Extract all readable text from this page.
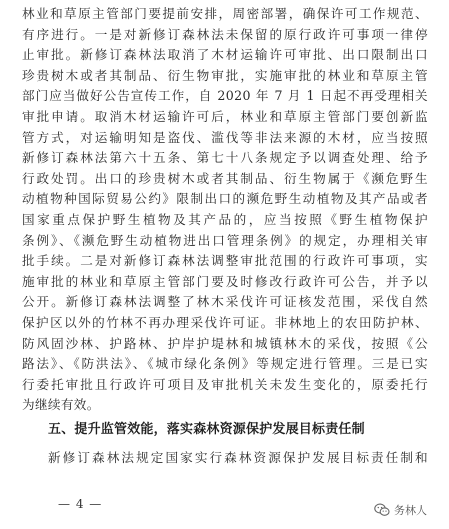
林业和草原主管部门要提前安排，周密部署，确保许可工作规范、
有序进行。一是对新修订森林法未保留的原行政许可事项一律停
止审批。新修订森林法取消了木材运输许可审批、出口限制出口
珍贵树木或者其制品、衍生物审批，实施审批的林业和草原主管
部门应当做好公告宣传工作，自 2020 年 7 月 1 日起不再受理相关
审批申请。取消木材运输许可后，林业和草原主管部门要创新监
管方式，对运输明知是盗伐、滥伐等非法来源的木材，应当按照
新修订森林法第六十五条、第七十八条规定予以调查处理、给予
行政处罚。出口的珍贵树木或者其制品、衍生物属于《濒危野生
动植物种国际贸易公约》限制出口的濒危野生动植物及其产品或者
国家重点保护野生植物及其产品的，应当按照《野生植物保护
条例》、《濒危野生动植物进出口管理条例》的规定，办理相关审
批手续。二是对新修订森林法调整审批范围的行政许可事项，实
施审批的林业和草原主管部门要及时修改行政许可公告，并予以
公开。新修订森林法调整了林木采伐许可证核发范围，采伐自然
保护区以外的竹林不再办理采伐许可证。非林地上的农田防护林、
防风固沙林、护路林、护岸护堤林和城镇林木的采伐，按照《公
路法》、《防洪法》、《城市绿化条例》等规定进行管理。三是已实
行委托审批且行政许可项目及审批机关未发生变化的，原委托行
五、提升监管效能，落实森林资源保护发展目标责任制
新修订森林法规定国家实行森林资源保护发展目标责任制和
— 4 —	务林人
为继续有效。
